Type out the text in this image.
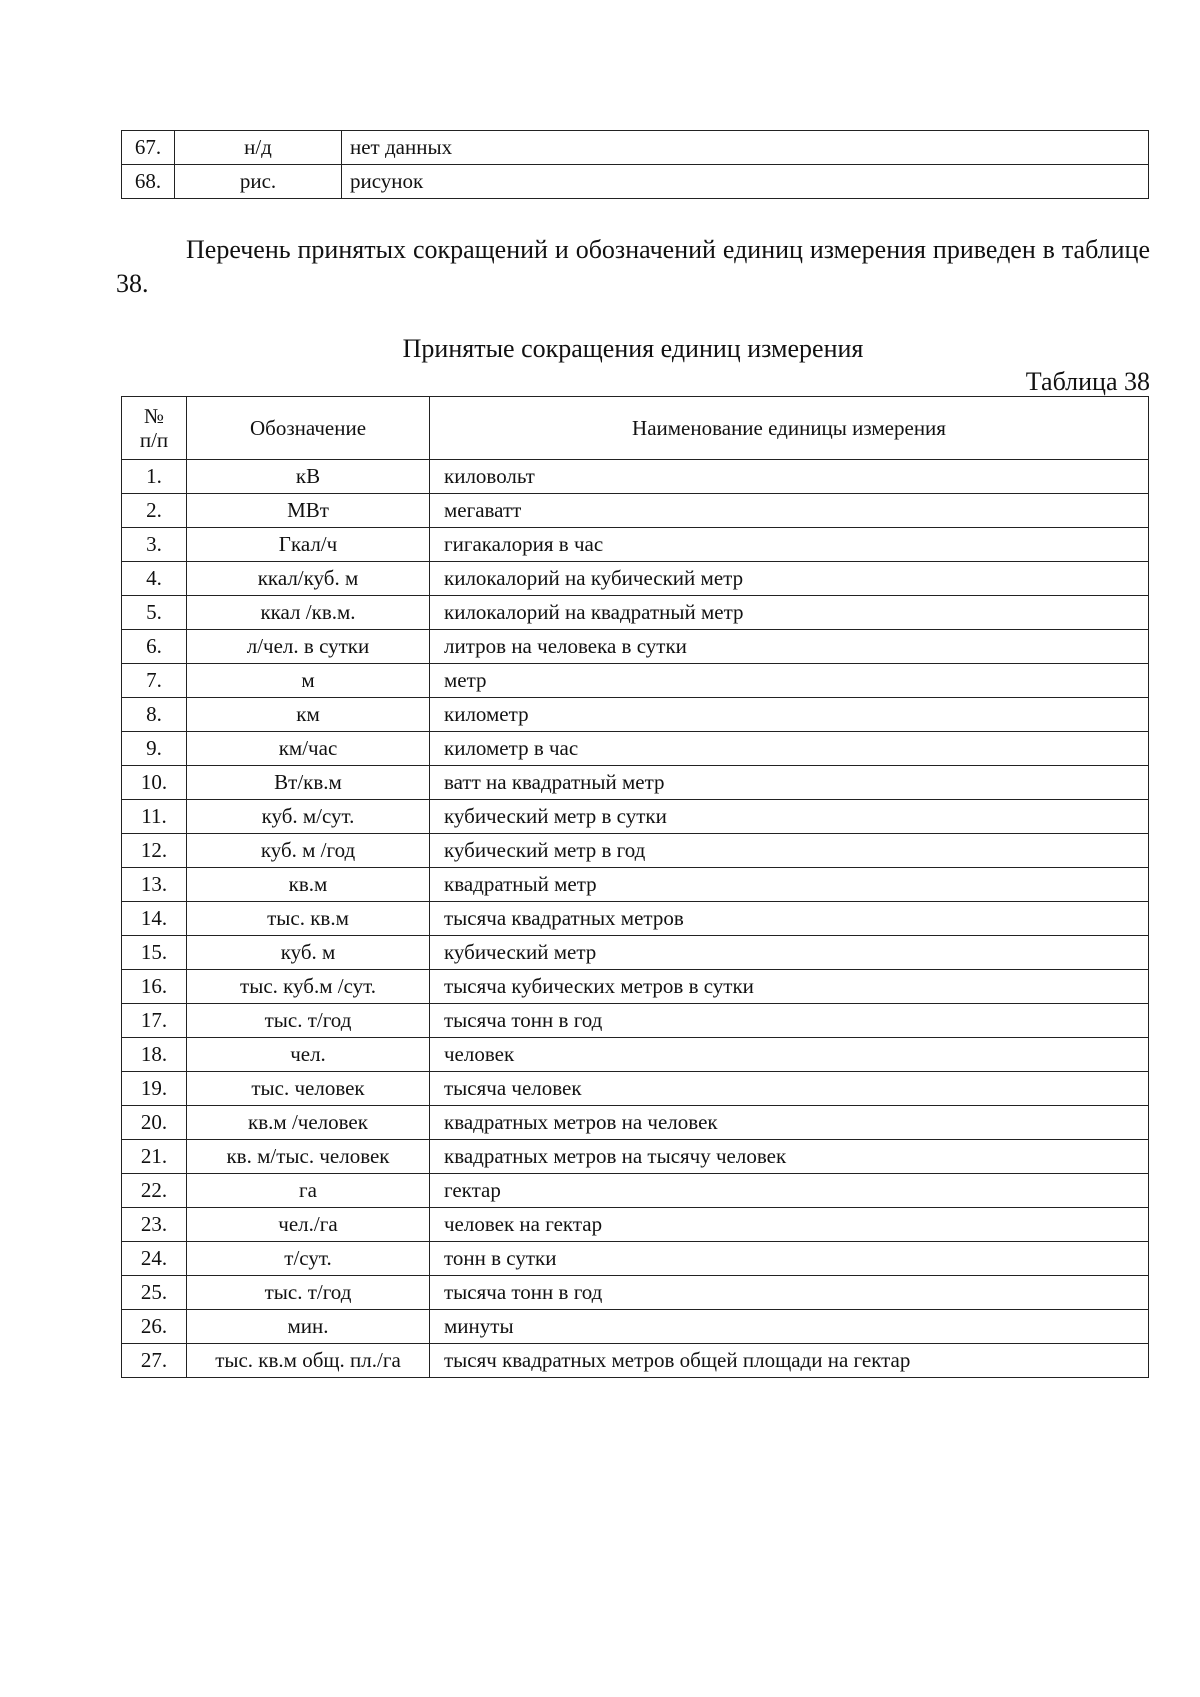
67.	н/д	нет данных
68.	рис.	рисунок

Перечень принятых сокращений и обозначений единиц измерения приведен в таблице 38.

Принятые сокращения единиц измерения

Таблица 38

№
п/п	Обозначение	Наименование единицы измерения
1.	кВ	киловольт
2.	МВт	мегаватт
3.	Гкал/ч	гигакалория в час
4.	ккал/куб. м	килокалорий на кубический метр
5.	ккал /кв.м.	килокалорий на квадратный метр
6.	л/чел. в сутки	литров на человека в сутки
7.	м	метр
8.	км	километр
9.	км/час	километр в час
10.	Вт/кв.м	ватт на квадратный метр
11.	куб. м/сут.	кубический метр в сутки
12.	куб. м /год	кубический метр в год
13.	кв.м	квадратный метр
14.	тыс. кв.м	тысяча квадратных метров
15.	куб. м	кубический метр
16.	тыс. куб.м /сут.	тысяча кубических метров в сутки
17.	тыс. т/год	тысяча тонн в год
18.	чел.	человек
19.	тыс. человек	тысяча человек
20.	кв.м /человек	квадратных метров на человек
21.	кв. м/тыс. человек	квадратных метров на тысячу человек
22.	га	гектар
23.	чел./га	человек на гектар
24.	т/сут.	тонн в сутки
25.	тыс. т/год	тысяча тонн в год
26.	мин.	минуты
27.	тыс. кв.м общ. пл./га	тысяч квадратных метров общей площади на гектар
